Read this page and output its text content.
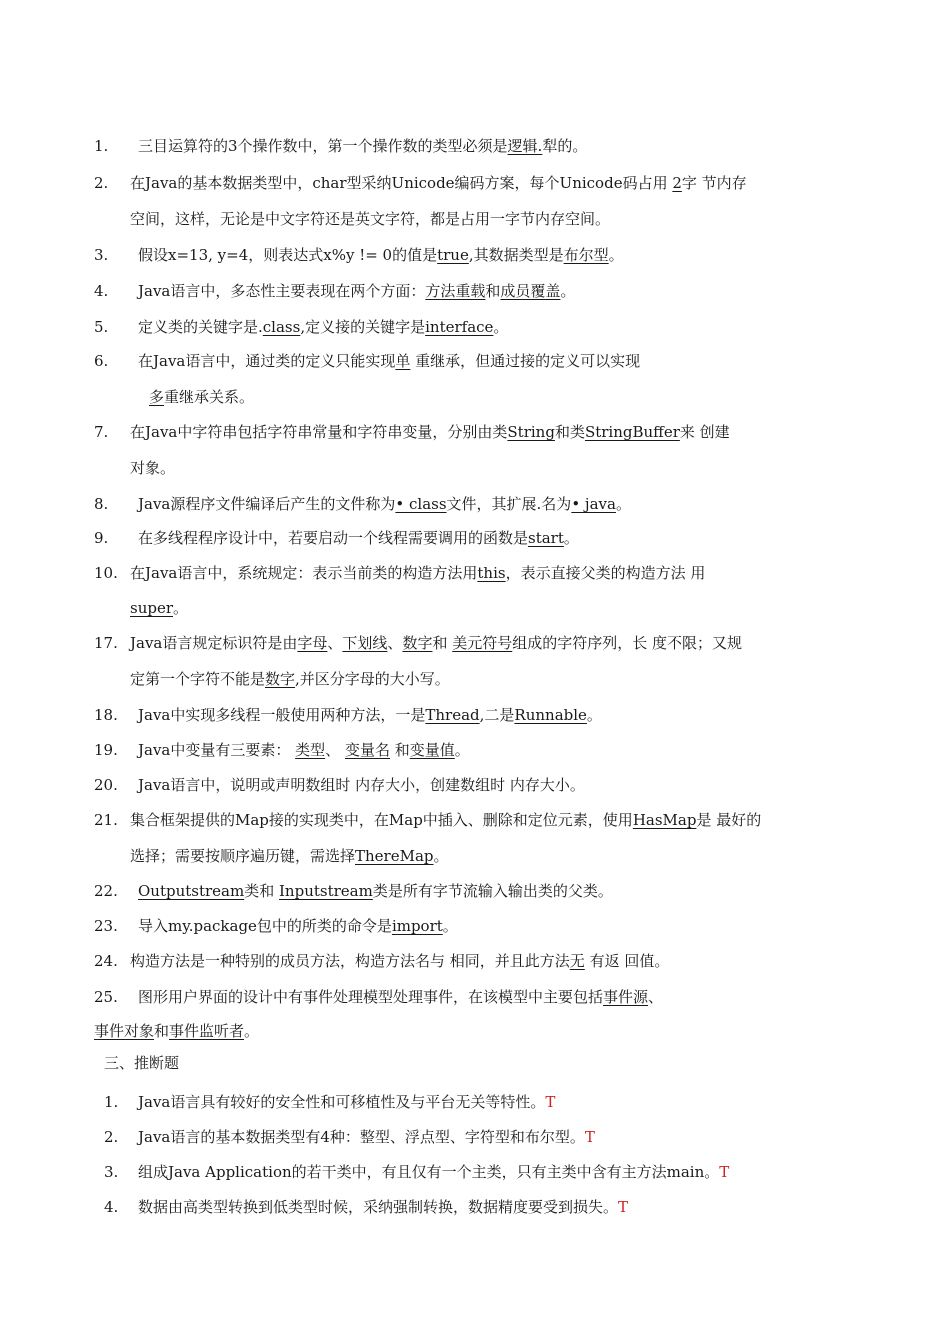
1. 三目运算符的3个操作数中，第一个操作数的类型必须是逻辑.犁的。
2. 在Java的基本数据类型中，char型采纳Unicode编码方案，每个Unicode码占用 2字 节内存
空间，这样，无论是中文字符还是英文字符，都是占用一字节内存空间。
3. 假设x=13, y=4，则表达式x%y != 0的值是true,其数据类型是布尔型。
4. Java语言中，多态性主要表现在两个方面：方法重载和成员覆盖。
5. 定义类的关键字是.class,定义接的关键字是interface。
6. 在Java语言中，通过类的定义只能实现单 重继承，但通过接的定义可以实现
多重继承关系。
7. 在Java中字符串包括字符串常量和字符串变量，分别由类String和类StringBuffer来 创建
对象。
8. Java源程序文件编译后产生的文件称为• class文件，其扩展.名为• java。
9. 在多线程程序设计中，若要启动一个线程需要调用的函数是start。
10. 在Java语言中，系统规定：表示当前类的构造方法用this，表示直接父类的构造方法 用
super。
17. Java语言规定标识符是由字母、下划线、数字和 美元符号组成的字符序列，长 度不限；又规
定第一个字符不能是数字,并区分字母的大小写。
18. Java中实现多线程一般使用两种方法，一是Thread,二是Runnable。
19. Java中变量有三要素： 类型、 变量名 和变量值。
20. Java语言中，说明或声明数组时 内存大小，创建数组时 内存大小。
21. 集合框架提供的Map接的实现类中，在Map中插入、删除和定位元素，使用HasMap是 最好的
选择；需要按顺序遍历键，需选择ThereMap。
22. Outputstream类和 Inputstream类是所有字节流输入输出类的父类。
23. 导入my.package包中的所类的命令是import。
24. 构造方法是一种特别的成员方法，构造方法名与 相同，并且此方法无 有返 回值。
25. 图形用户界面的设计中有事件处理模型处理事件，在该模型中主要包括事件源、
事件对象和事件监听者。
三、推断题
1. Java语言具有较好的安全性和可移植性及与平台无关等特性。T
2. Java语言的基本数据类型有4种：整型、浮点型、字符型和布尔型。T
3. 组成Java Application的若干类中，有且仅有一个主类，只有主类中含有主方法main。T
4. 数据由高类型转换到低类型时候，采纳强制转换，数据精度要受到损失。T
